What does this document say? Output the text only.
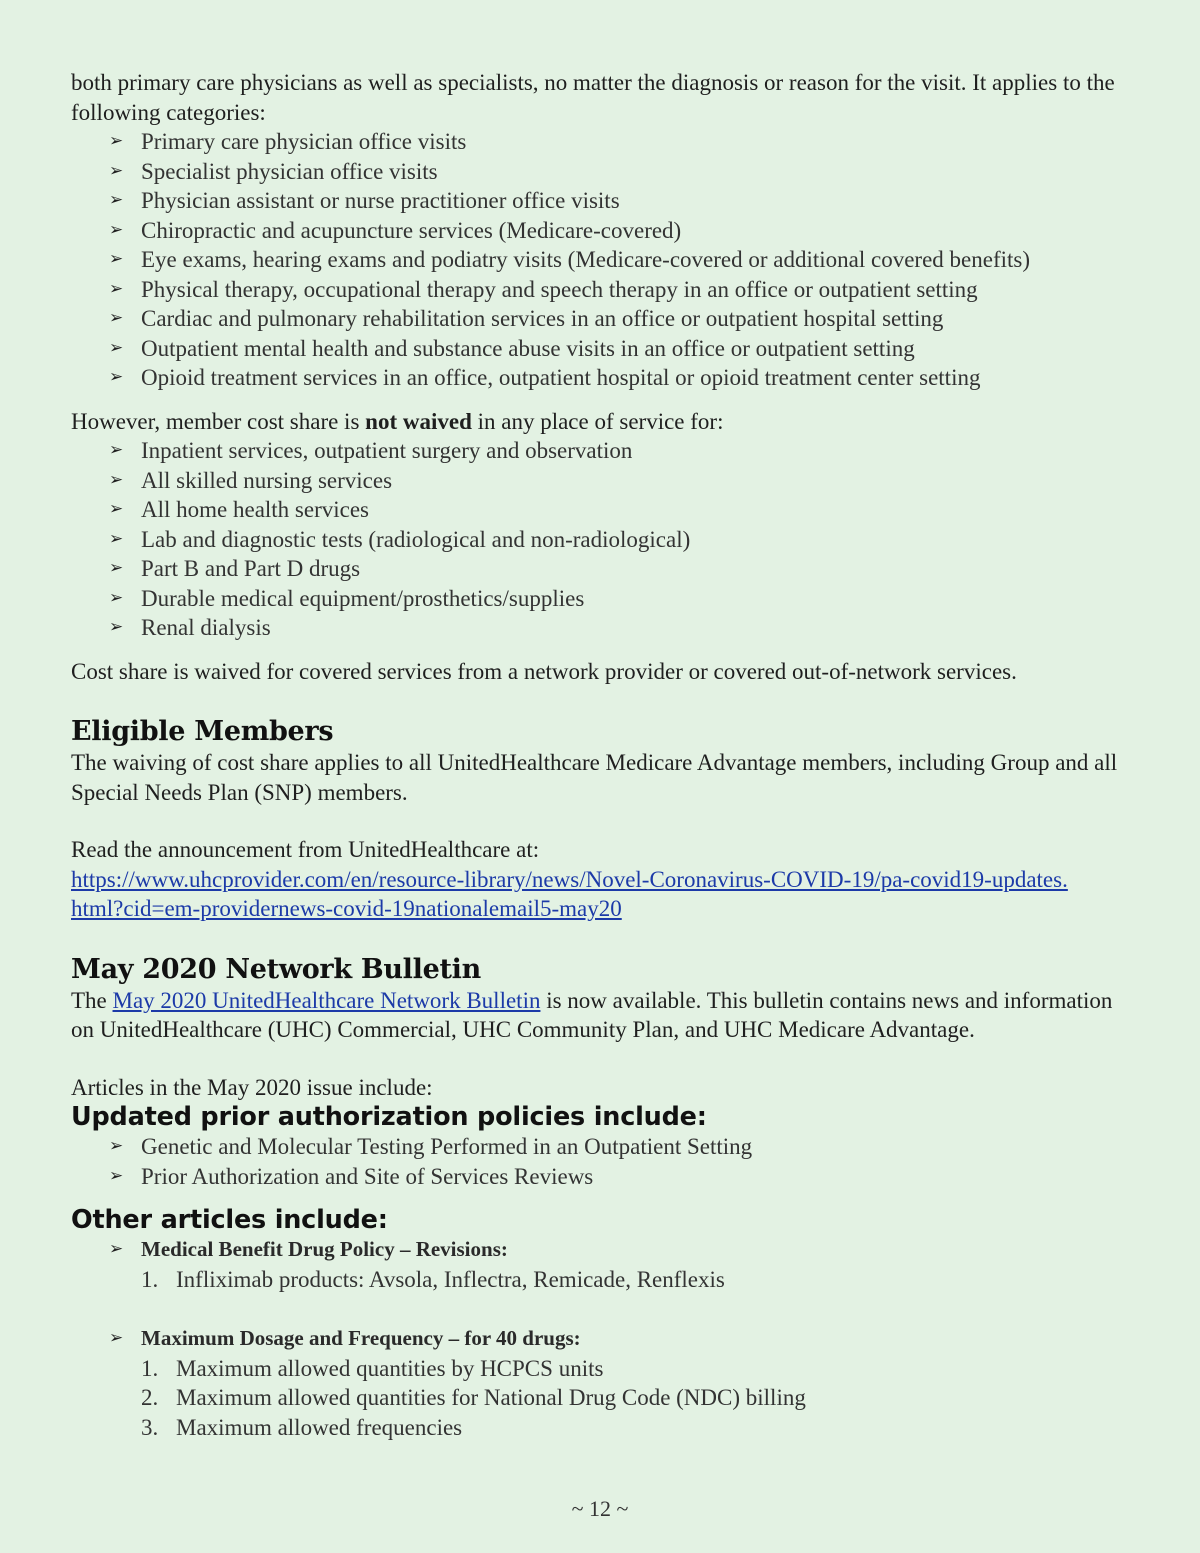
both primary care physicians as well as specialists, no matter the diagnosis or reason for the visit. It applies to the following categories:

➢ Primary care physician office visits
➢ Specialist physician office visits
➢ Physician assistant or nurse practitioner office visits
➢ Chiropractic and acupuncture services (Medicare-covered)
➢ Eye exams, hearing exams and podiatry visits (Medicare-covered or additional covered benefits)
➢ Physical therapy, occupational therapy and speech therapy in an office or outpatient setting
➢ Cardiac and pulmonary rehabilitation services in an office or outpatient hospital setting
➢ Outpatient mental health and substance abuse visits in an office or outpatient setting
➢ Opioid treatment services in an office, outpatient hospital or opioid treatment center setting

However, member cost share is not waived in any place of service for:

➢ Inpatient services, outpatient surgery and observation
➢ All skilled nursing services
➢ All home health services
➢ Lab and diagnostic tests (radiological and non-radiological)
➢ Part B and Part D drugs
➢ Durable medical equipment/prosthetics/supplies
➢ Renal dialysis

Cost share is waived for covered services from a network provider or covered out-of-network services.

Eligible Members

The waiving of cost share applies to all UnitedHealthcare Medicare Advantage members, including Group and all Special Needs Plan (SNP) members.

Read the announcement from UnitedHealthcare at:

https://www.uhcprovider.com/en/resource-library/news/Novel-Coronavirus-COVID-19/pa-covid19-updates.
html?cid=em-providernews-covid-19nationalemail5-may20

May 2020 Network Bulletin

The May 2020 UnitedHealthcare Network Bulletin is now available. This bulletin contains news and information on UnitedHealthcare (UHC) Commercial, UHC Community Plan, and UHC Medicare Advantage.

Articles in the May 2020 issue include:

Updated prior authorization policies include:
➢ Genetic and Molecular Testing Performed in an Outpatient Setting
➢ Prior Authorization and Site of Services Reviews
Other articles include:
➢ Medical Benefit Drug Policy – Revisions:
1. Infliximab products: Avsola, Inflectra, Remicade, Renflexis
➢ Maximum Dosage and Frequency – for 40 drugs:
1. Maximum allowed quantities by HCPCS units
2. Maximum allowed quantities for National Drug Code (NDC) billing
3. Maximum allowed frequencies
~ 12 ~
